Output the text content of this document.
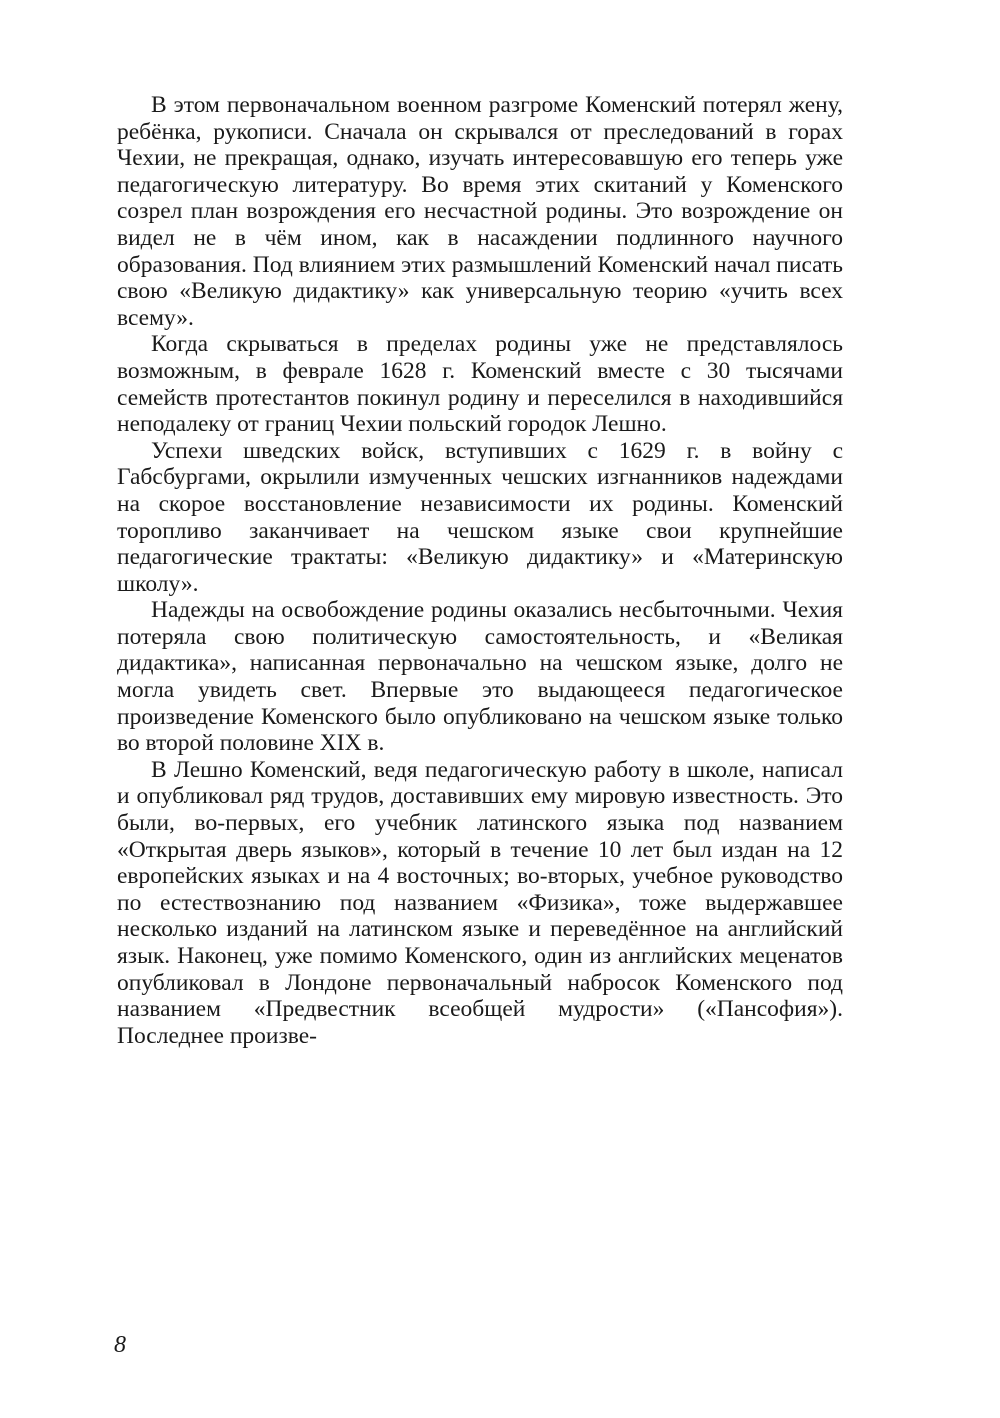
В этом первоначальном военном разгроме Коменский потерял жену, ребёнка, рукописи. Сначала он скрывался от преследований в горах Чехии, не прекращая, однако, изучать интересовавшую его теперь уже педагогическую литературу. Во время этих скитаний у Коменского созрел план возрождения его несчастной родины. Это возрождение он видел не в чём ином, как в насаждении подлинного научного образования. Под влиянием этих размышлений Коменский начал писать свою «Великую дидактику» как универсальную теорию «учить всех всему».

Когда скрываться в пределах родины уже не представлялось возможным, в феврале 1628 г. Коменский вместе с 30 тысячами семейств протестантов покинул родину и переселился в находившийся неподалеку от границ Чехии польский городок Лешно.

Успехи шведских войск, вступивших с 1629 г. в войну с Габсбургами, окрылили измученных чешских изгнанников надеждами на скорое восстановление независимости их родины. Коменский торопливо заканчивает на чешском языке свои крупнейшие педагогические трактаты: «Великую дидактику» и «Материнскую школу».

Надежды на освобождение родины оказались несбыточными. Чехия потеряла свою политическую самостоятельность, и «Великая дидактика», написанная первоначально на чешском языке, долго не могла увидеть свет. Впервые это выдающееся педагогическое произведение Коменского было опубликовано на чешском языке только во второй половине XIX в.

В Лешно Коменский, ведя педагогическую работу в школе, написал и опубликовал ряд трудов, доставивших ему мировую известность. Это были, во-первых, его учебник латинского языка под названием «Открытая дверь языков», который в течение 10 лет был издан на 12 европейских языках и на 4 восточных; во-вторых, учебное руководство по естествознанию под названием «Физика», тоже выдержавшее несколько изданий на латинском языке и переведённое на английский язык. Наконец, уже помимо Коменского, один из английских меценатов опубликовал в Лондоне первоначальный набросок Коменского под названием «Предвестник всеобщей мудрости» («Пансофия»). Последнее произве-

8
